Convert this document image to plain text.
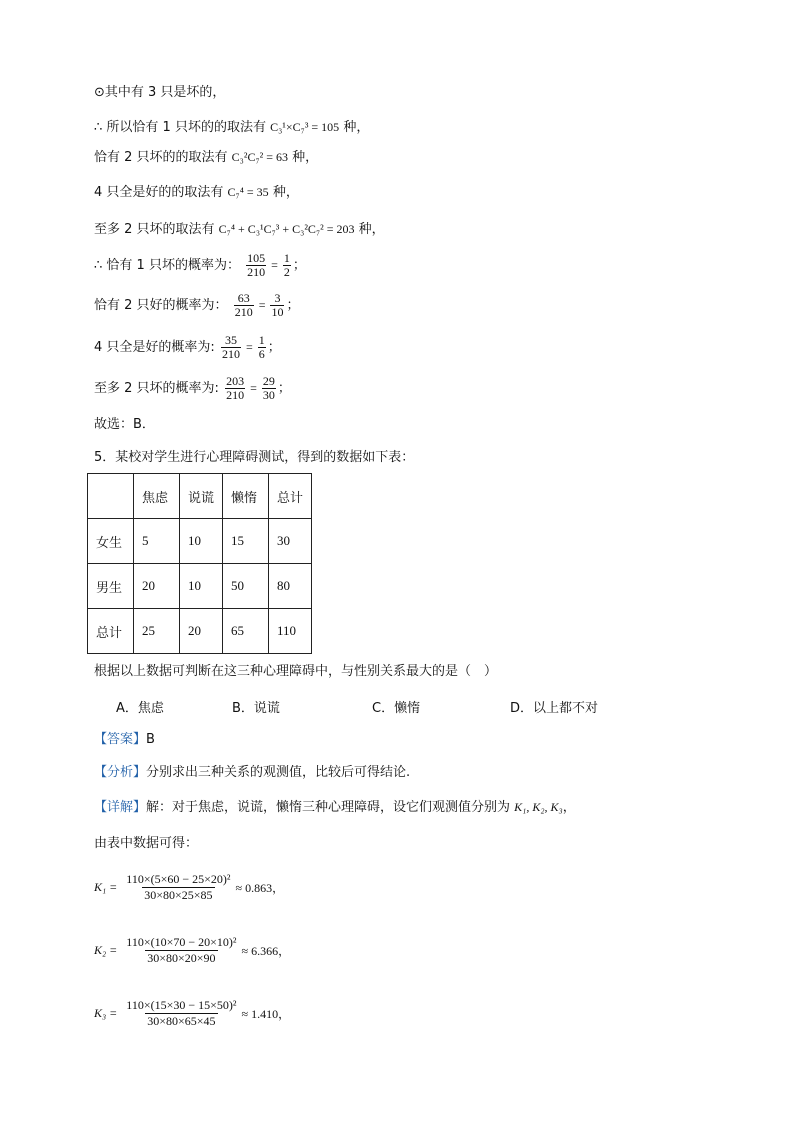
⊙其中有 3 只是坏的，
∴ 所以恰有 1 只坏的的取法有 C₃¹×C₇³ = 105 种，
恰有 2 只坏的的取法有 C₃²C₇² = 63 种，
4 只全是好的的取法有 C₇⁴ = 35 种，
至多 2 只坏的取法有 C₇⁴ + C₃¹C₇³ + C₃²C₇² = 203 种，
∴ 恰有 1 只坏的概率为： $\frac{105}{210} = \frac{1}{2}$ ；
恰有 2 只好的概率为： $\frac{63}{210} = \frac{3}{10}$ ；
4 只全是好的概率为: $\frac{35}{210} = \frac{1}{6}$ ；
至多 2 只坏的概率为: $\frac{203}{210} = \frac{29}{30}$ ；
故选：B．
5．某校对学生进行心理障碍测试，得到的数据如下表：
	焦虑	说谎	懒惰	总计
女生	5	10	15	30
男生	20	10	50	80
总计	25	20	65	110
根据以上数据可判断在这三种心理障碍中，与性别关系最大的是（　）
A．焦虑	B．说谎	C．懒惰	D．以上都不对
【答案】B
【分析】分别求出三种关系的观测值，比较后可得结论.
【详解】解：对于焦虑，说谎，懒惰三种心理障碍，设它们观测值分别为 K₁, K₂, K₃，
由表中数据可得：
$K_1 = \frac{\text{110×(5×60 − 25×20)²}}{30\times 80\times 25\times 85} \approx 0.863$，
$K_2 = \frac{\text{110×(10×70 − 20×10)²}}{30\times 80\times 20\times 90} \approx 6.366$，
$K_3 = \frac{\text{110×(15×30 − 15×50)²}}{30\times 80\times 65\times 45} \approx 1.410$，
